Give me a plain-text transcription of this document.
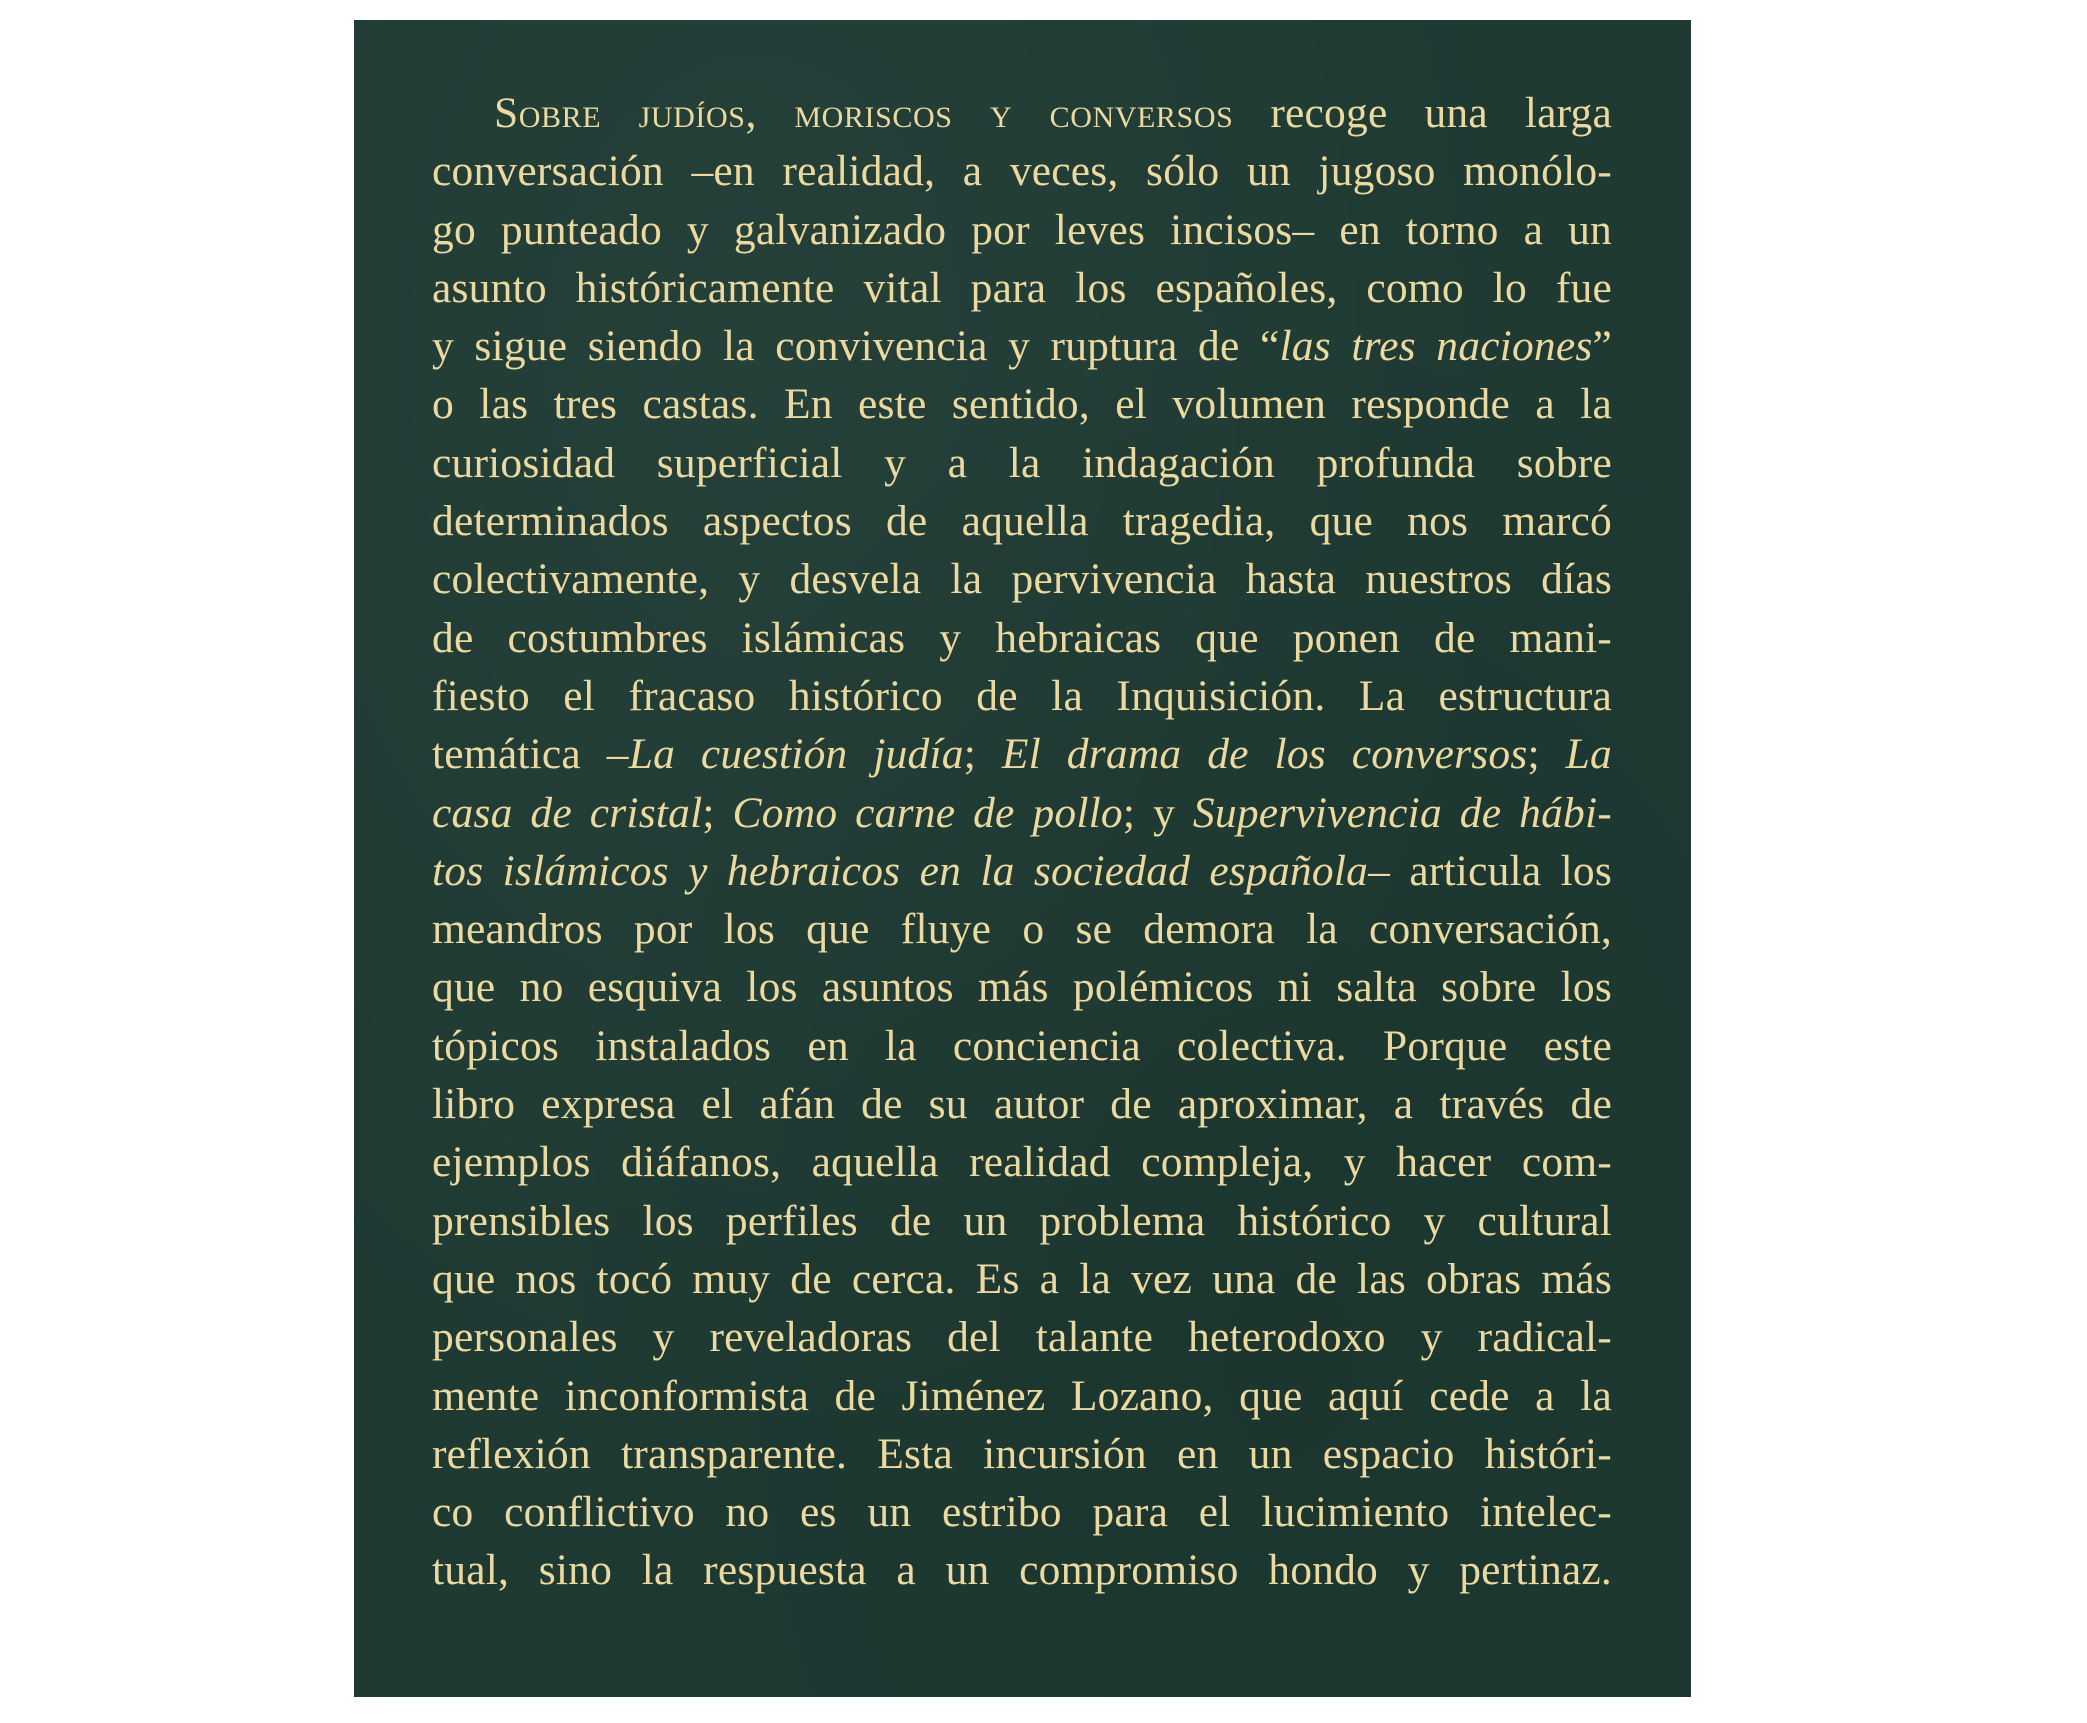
Sobre judíos, moriscos y conversos recoge una larga
conversación –en realidad, a veces, sólo un jugoso monólo-
go punteado y galvanizado por leves incisos– en torno a un
asunto históricamente vital para los españoles, como lo fue
y sigue siendo la convivencia y ruptura de “las tres naciones”
o las tres castas. En este sentido, el volumen responde a la
curiosidad superficial y a la indagación profunda sobre
determinados aspectos de aquella tragedia, que nos marcó
colectivamente, y desvela la pervivencia hasta nuestros días
de costumbres islámicas y hebraicas que ponen de mani-
fiesto el fracaso histórico de la Inquisición. La estructura
temática –La cuestión judía; El drama de los conversos; La
casa de cristal; Como carne de pollo; y Supervivencia de hábi-
tos islámicos y hebraicos en la sociedad española– articula los
meandros por los que fluye o se demora la conversación,
que no esquiva los asuntos más polémicos ni salta sobre los
tópicos instalados en la conciencia colectiva. Porque este
libro expresa el afán de su autor de aproximar, a través de
ejemplos diáfanos, aquella realidad compleja, y hacer com-
prensibles los perfiles de un problema histórico y cultural
que nos tocó muy de cerca. Es a la vez una de las obras más
personales y reveladoras del talante heterodoxo y radical-
mente inconformista de Jiménez Lozano, que aquí cede a la
reflexión transparente. Esta incursión en un espacio históri-
co conflictivo no es un estribo para el lucimiento intelec-
tual, sino la respuesta a un compromiso hondo y pertinaz.
